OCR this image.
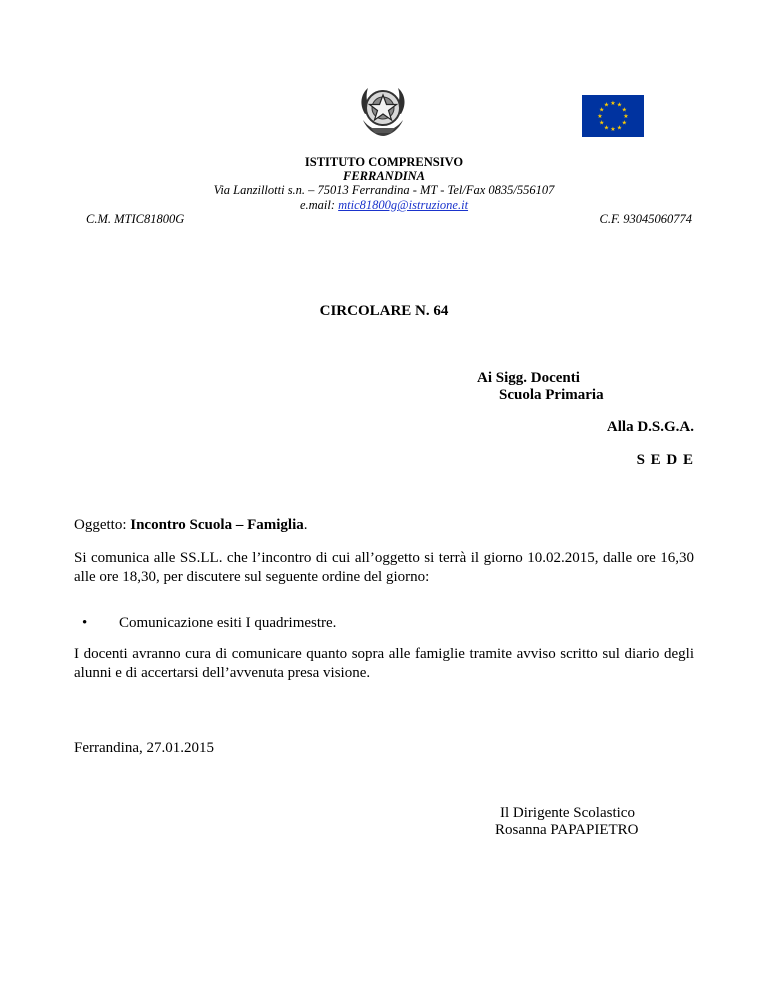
★ ★
★
★
★
★
★
★
★
★
★
★
ISTITUTO COMPRENSIVO
FERRANDINA
Via Lanzillotti s.n. – 75013 Ferrandina - MT - Tel/Fax 0835/556107
e.mail: mtic81800g@istruzione.it
C.M. MTIC81800G	C.F. 93045060774
CIRCOLARE N. 64
Ai Sigg. Docenti
Scuola Primaria
Alla D.S.G.A.
S E D E
Oggetto: Incontro Scuola – Famiglia.
Si comunica alle SS.LL. che l’incontro di cui all’oggetto si terrà il giorno 10.02.2015, dalle ore 16,30 alle ore 18,30, per discutere sul seguente ordine del giorno:
• Comunicazione esiti I quadrimestre.
I docenti avranno cura di comunicare quanto sopra alle famiglie tramite avviso scritto sul diario degli alunni e di accertarsi dell’avvenuta presa visione.
Ferrandina, 27.01.2015
Il Dirigente Scolastico
Rosanna PAPAPIETRO
